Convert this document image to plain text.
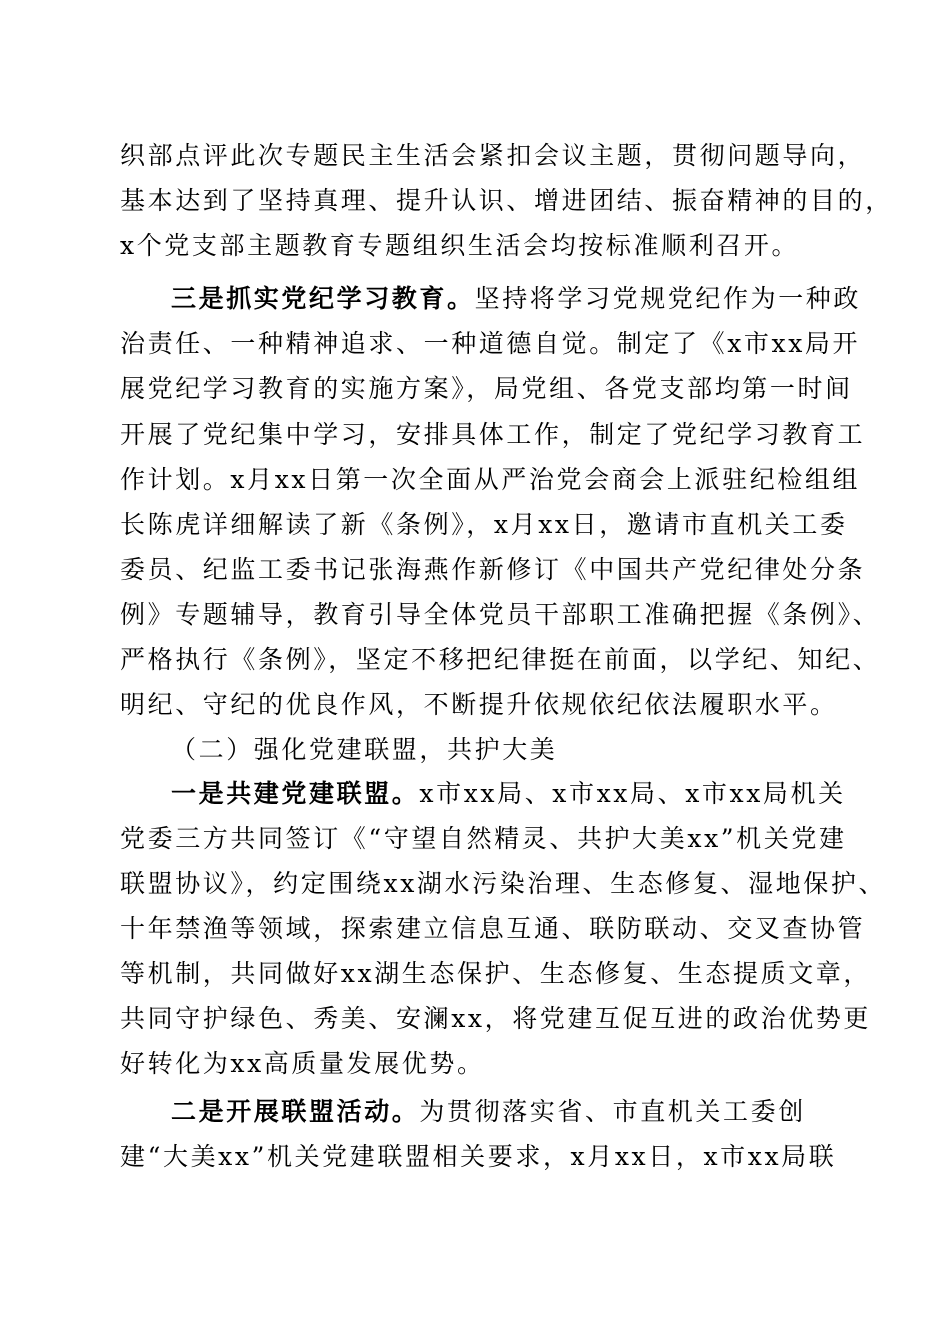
织部点评此次专题民主生活会紧扣会议主题，贯彻问题导向，
基本达到了坚持真理、提升认识、增进团结、振奋精神的目的，
x个党支部主题教育专题组织生活会均按标准顺利召开。
三是抓实党纪学习教育。坚持将学习党规党纪作为一种政
治责任、一种精神追求、一种道德自觉。制定了《x市xx局开
展党纪学习教育的实施方案》，局党组、各党支部均第一时间
开展了党纪集中学习，安排具体工作，制定了党纪学习教育工
作计划。x月xx日第一次全面从严治党会商会上派驻纪检组组
长陈虎详细解读了新《条例》，x月xx日，邀请市直机关工委
委员、纪监工委书记张海燕作新修订《中国共产党纪律处分条
例》专题辅导，教育引导全体党员干部职工准确把握《条例》、
严格执行《条例》，坚定不移把纪律挺在前面，以学纪、知纪、
明纪、守纪的优良作风，不断提升依规依纪依法履职水平。
（二）强化党建联盟，共护大美
一是共建党建联盟。x市xx局、x市xx局、x市xx局机关
党委三方共同签订《“守望自然精灵、共护大美xx”机关党建
联盟协议》，约定围绕xx湖水污染治理、生态修复、湿地保护、
十年禁渔等领域，探索建立信息互通、联防联动、交叉查协管
等机制，共同做好xx湖生态保护、生态修复、生态提质文章，
共同守护绿色、秀美、安澜xx，将党建互促互进的政治优势更
好转化为xx高质量发展优势。
二是开展联盟活动。为贯彻落实省、市直机关工委创
建“大美xx”机关党建联盟相关要求，x月xx日，x市xx局联
